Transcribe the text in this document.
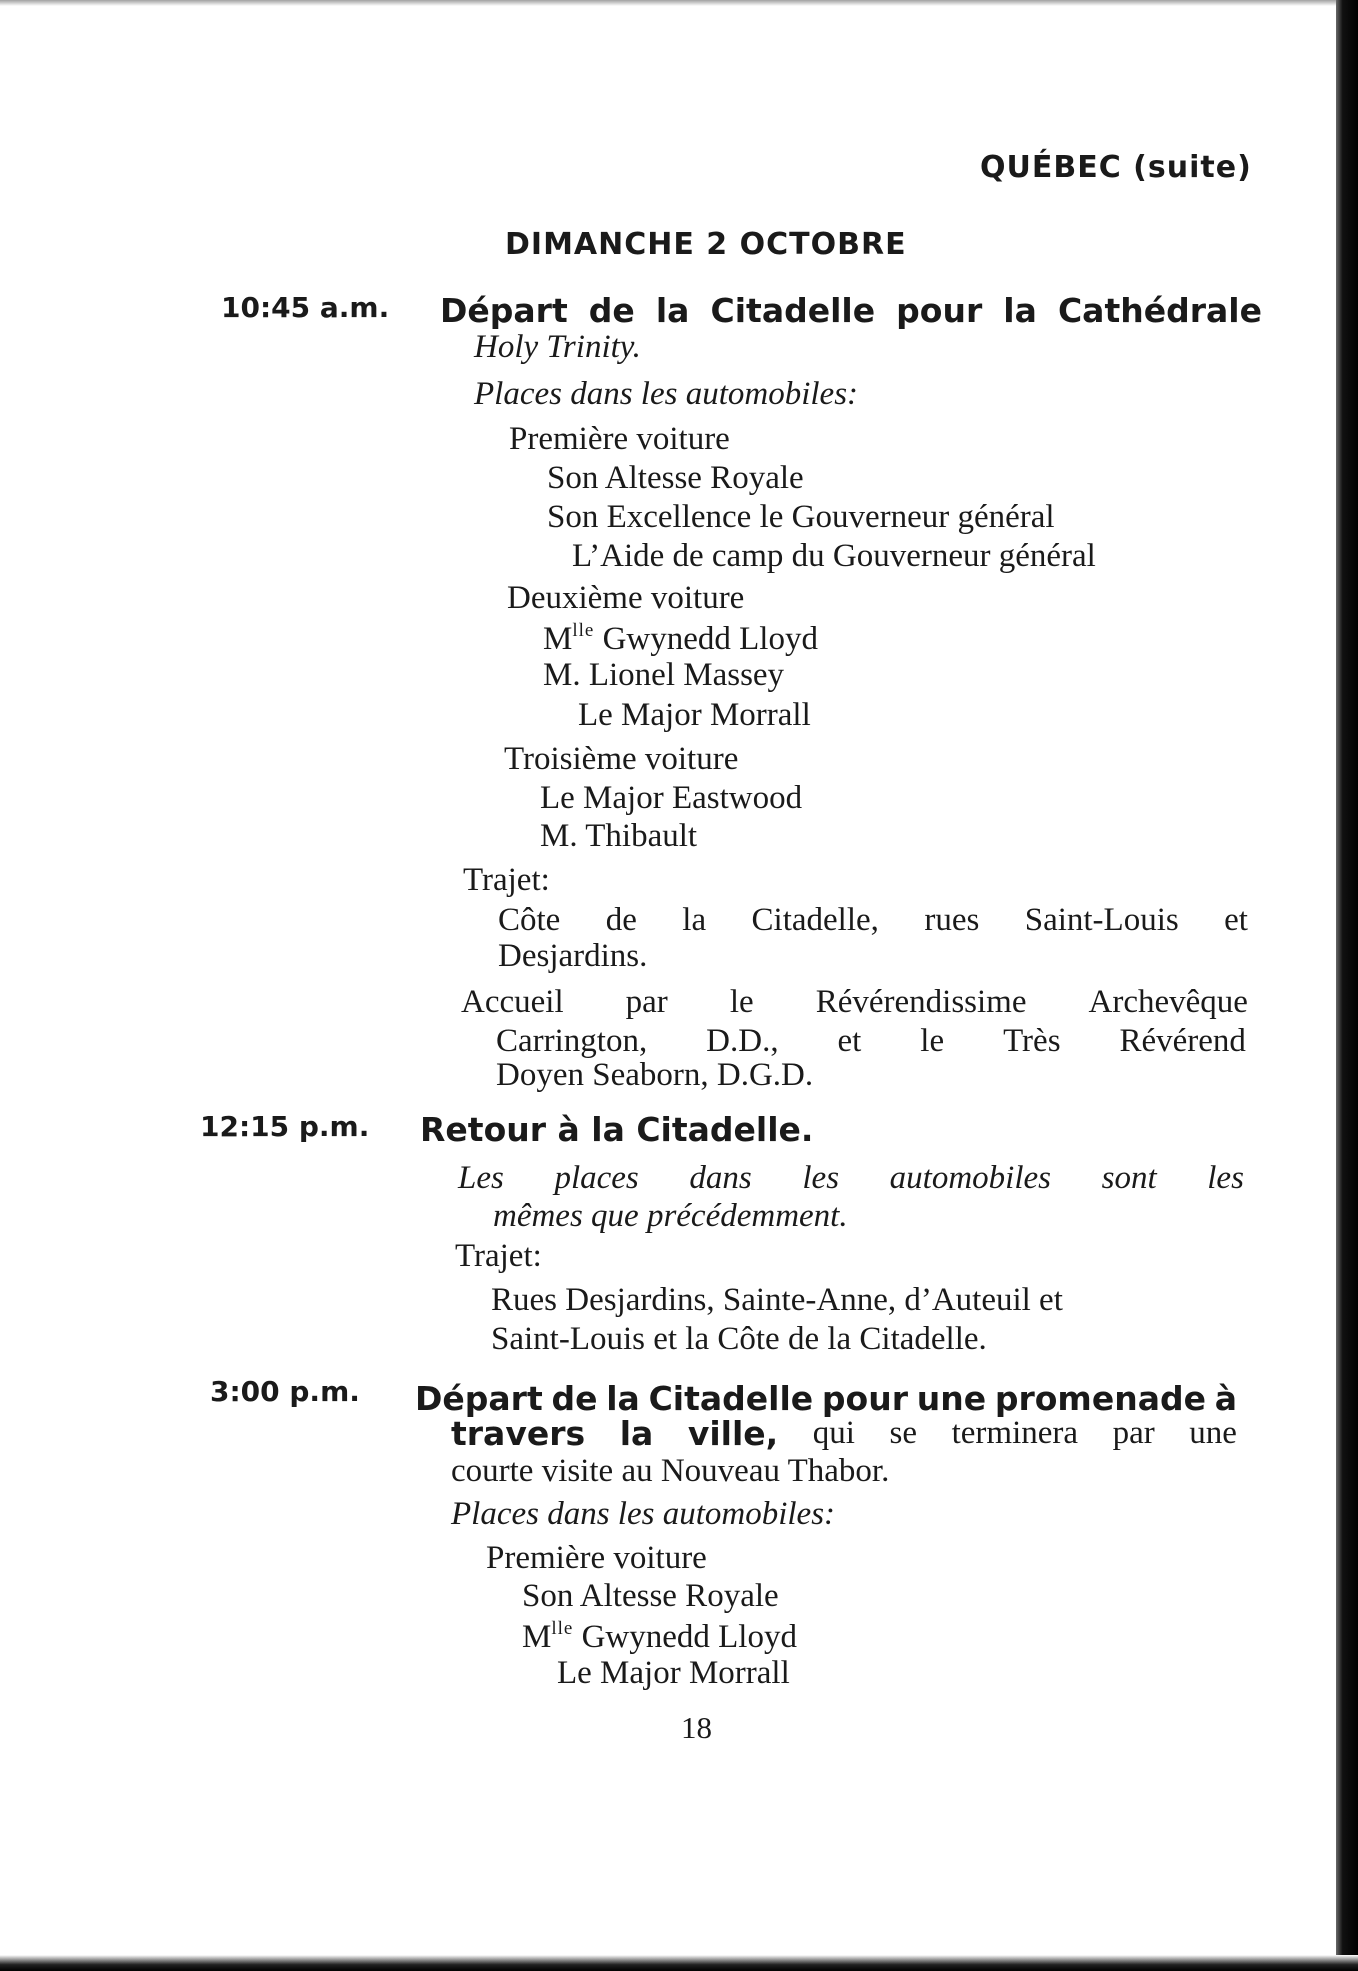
QUÉBEC (suite)
DIMANCHE 2 OCTOBRE
10:45 a.m. Départ de la Citadelle pour la Cathédrale
Holy Trinity.
Places dans les automobiles:
Première voiture
Son Altesse Royale
Son Excellence le Gouverneur général
L’Aide de camp du Gouverneur général
Deuxième voiture
$M^{lle}$ Gwynedd Lloyd
M. Lionel Massey
Le Major Morrall
Troisième voiture
Le Major Eastwood
M. Thibault
Trajet:
Côte de la Citadelle, rues Saint-Louis et
Desjardins.
Accueil par le Révérendissime Archevêque
Carrington, D.D., et le Très Révérend
Doyen Seaborn, D.G.D.
12:15 p.m. Retour à la Citadelle.
Les places dans les automobiles sont les
mêmes que précédemment.
Trajet:
Rues Desjardins, Sainte-Anne, d’Auteuil et
Saint-Louis et la Côte de la Citadelle.
3:00 p.m. Départ de la Citadelle pour une promenade à
travers la ville, qui se terminera par une
courte visite au Nouveau Thabor.
Places dans les automobiles:
Première voiture
Son Altesse Royale
$M^{lle}$ Gwynedd Lloyd
Le Major Morrall
18
